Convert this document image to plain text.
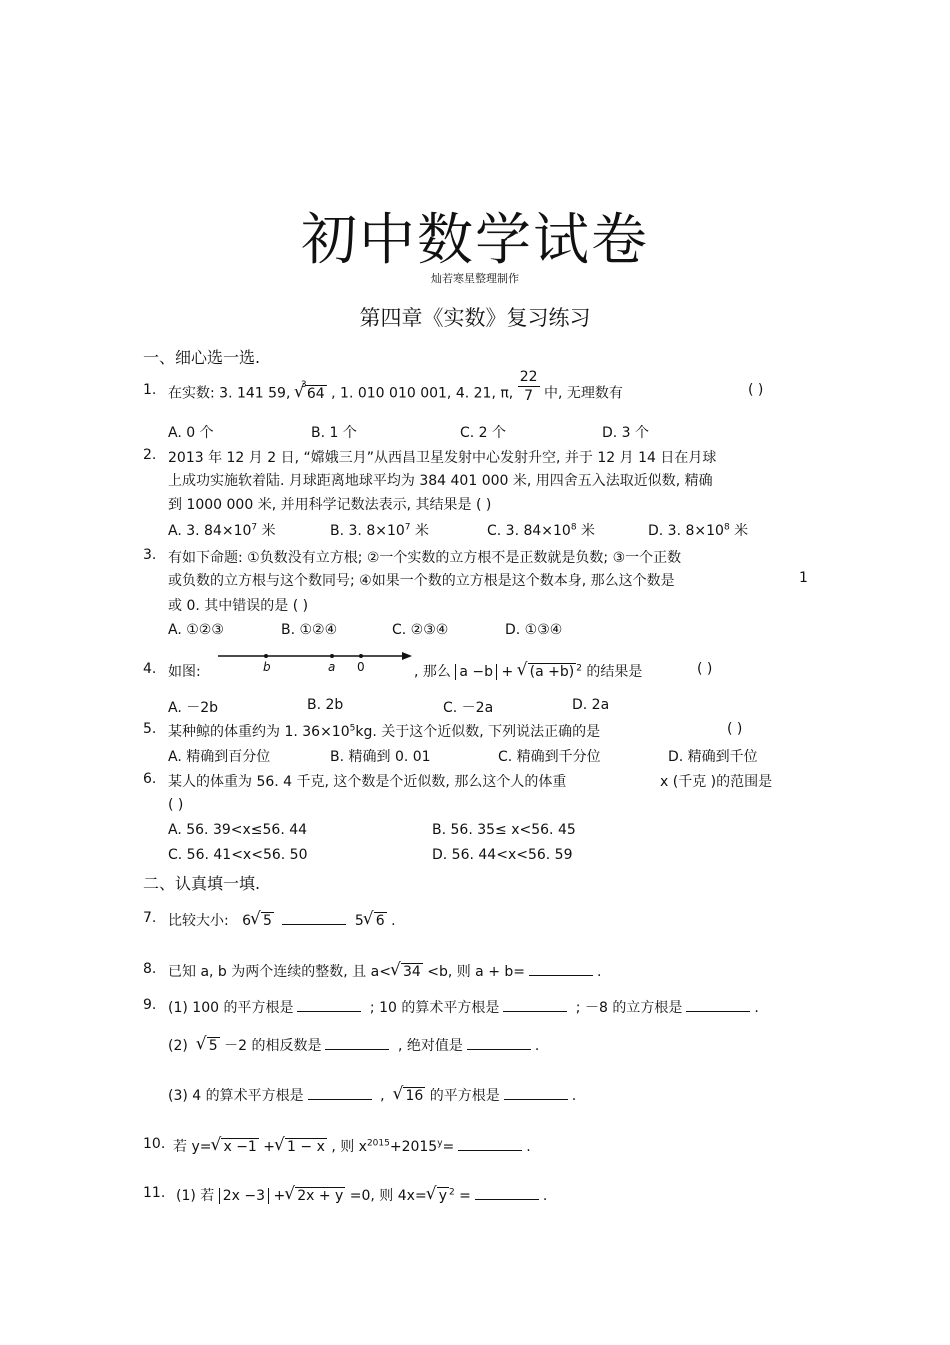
初中数学试卷
灿若寒星整理制作
第四章《实数》复习练习
一、细心选一选.
1. 在实数: 3. 141 59,
3
√ 64 , 1. 010 010 001, 4. 21, π, $\frac{22}{7}$ 中, 无理数有	( )
A. 0 个	B. 1 个	C. 2 个	D. 3 个
2. 2013 年 12 月 2 日, “嫦娥三月”从西昌卫星发射中心发射升空, 并于 12 月 14 日在月球
上成功实施软着陆. 月球距离地球平均为 384 401 000 米, 用四舍五入法取近似数, 精确
到 1000 000 米, 并用科学记数法表示, 其结果是 ( )
A. 3. $84\times 10^7$ 米	B. 3. $8\times 10^7$ 米	C. 3. $84\times 10^8$ 米	D. 3. $8\times 10^8$ 米
3. 有如下命题: ①负数没有立方根; ②一个实数的立方根不是正数就是负数; ③一个正数
或负数的立方根与这个数同号; ④如果一个数的立方根是这个数本身, 那么这个数是	1
或 0. 其中错误的是 ( )
A. ①②③	B. ①②④	C. ②③④	D. ①③④
4. 如图:	b	a 0	, 那么 a −b + √ (a +b) $^2$ 的结果是	( )
A. －2b	B. 2b	C. －2a	D. 2a
5. 某种鲸的体重约为 1. $36\times 10^5kg$. 关于这个近似数, 下列说法正确的是	( )
A. 精确到百分位	B. 精确到 0. 01	C. 精确到千分位	D. 精确到千位
6. 某人的体重为 56. 4 千克, 这个数是个近似数, 那么这个人的体重	x (千克 )的范围是
( )
A. 56. 39<x≤56. 44	B. 56. 35≤ x<56. 45
C. 56. 41<x<56. 50	D. 56. 44<x<56. 59
二、认真填一填.
7. 比较大小: 6 √ 5	5 √ 6 .
8. 已知 a, b 为两个连续的整数, 且 a< √ 34 <b, 则 a + b=	.
9. (1) 100 的平方根是	; 10 的算术平方根是	; －8 的立方根是	.
(2) √ 5 －2 的相反数是	, 绝对值是	.
(3) 4 的算术平方根是	, √ 16 的平方根是	.
10. 若 y= √ x −1 + √ 1 − x , 则 $x^{2015}+2015^y=$	.
11. (1) 若 2x −3 + √ 2x + y =0, 则 4x= √ y $^2$ =	.
